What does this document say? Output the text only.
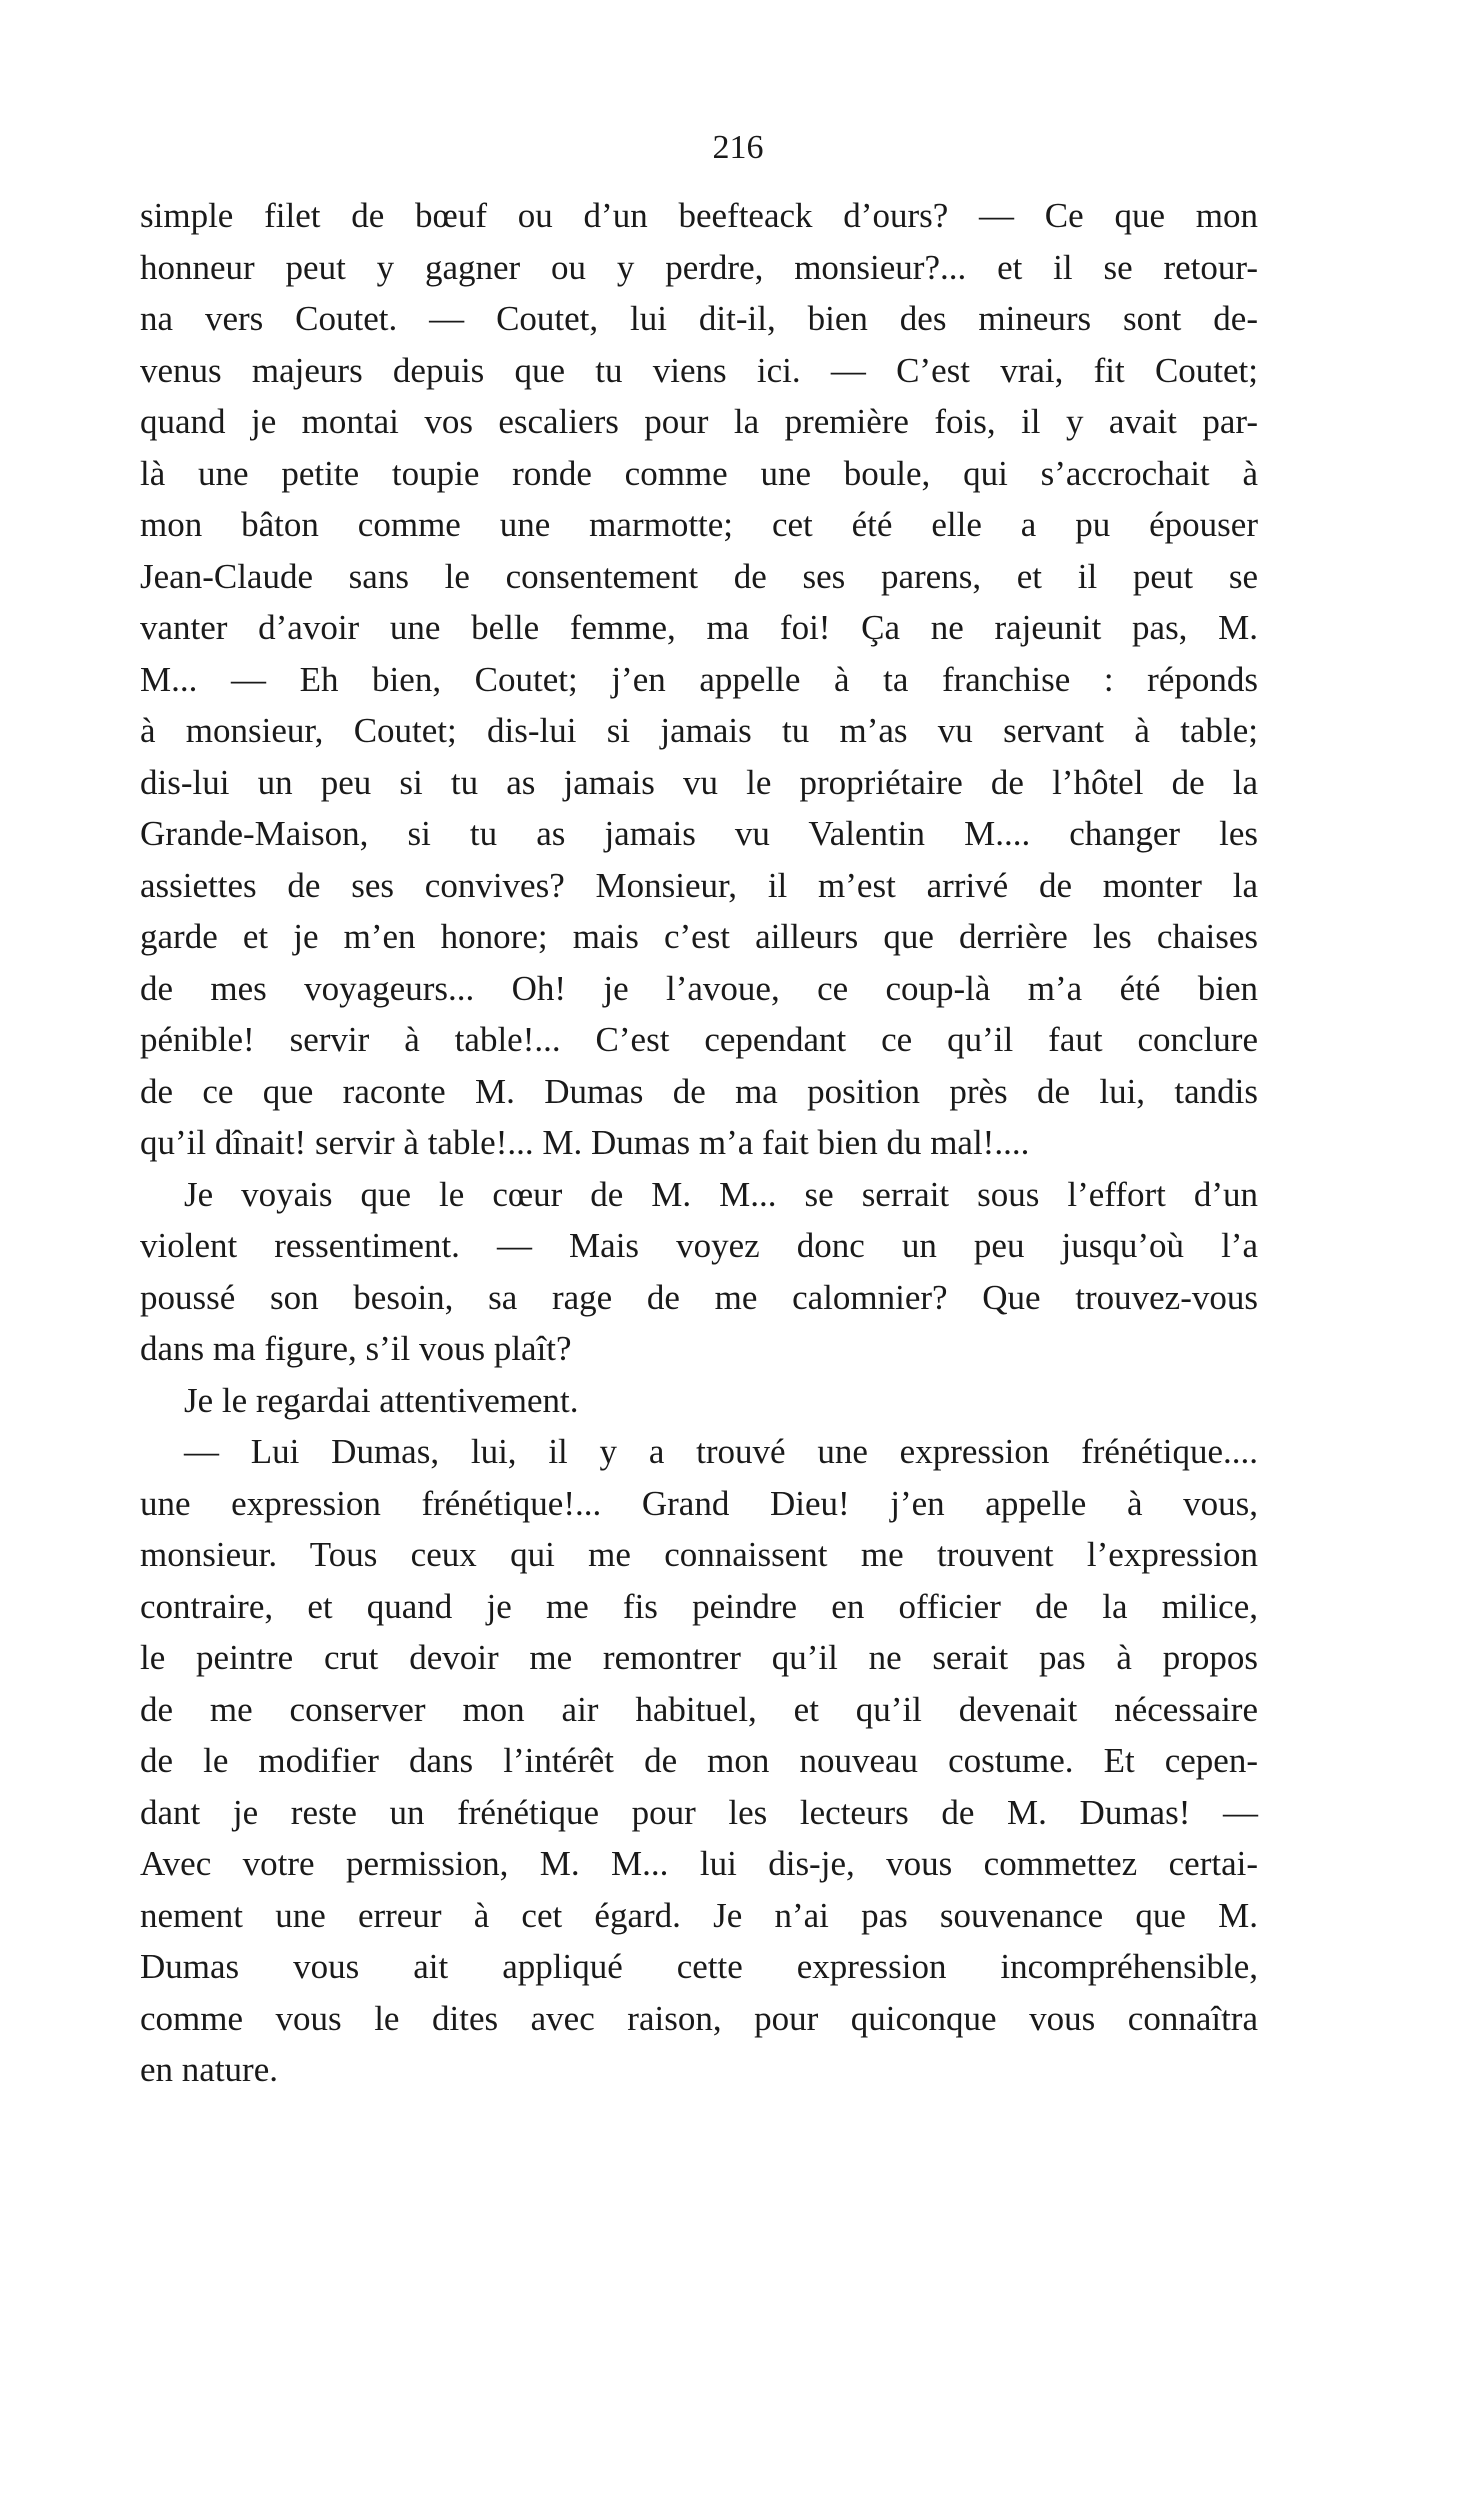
216
simple filet de bœuf ou d’un beefteack d’ours? — Ce que mon
honneur peut y gagner ou y perdre, monsieur?... et il se retour-
na vers Coutet. — Coutet, lui dit-il, bien des mineurs sont de-
venus majeurs depuis que tu viens ici. — C’est vrai, fit Coutet;
quand je montai vos escaliers pour la première fois, il y avait par-
là une petite toupie ronde comme une boule, qui s’accrochait à
mon bâton comme une marmotte; cet été elle a pu épouser
Jean-Claude sans le consentement de ses parens, et il peut se
vanter d’avoir une belle femme, ma foi! Ça ne rajeunit pas, M.
M... — Eh bien, Coutet; j’en appelle à ta franchise : réponds
à monsieur, Coutet; dis-lui si jamais tu m’as vu servant à table;
dis-lui un peu si tu as jamais vu le propriétaire de l’hôtel de la
Grande-Maison, si tu as jamais vu Valentin M.... changer les
assiettes de ses convives? Monsieur, il m’est arrivé de monter la
garde et je m’en honore; mais c’est ailleurs que derrière les chaises
de mes voyageurs... Oh! je l’avoue, ce coup-là m’a été bien
pénible! servir à table!... C’est cependant ce qu’il faut conclure
de ce que raconte M. Dumas de ma position près de lui, tandis
qu’il dînait! servir à table!... M. Dumas m’a fait bien du mal!....
Je voyais que le cœur de M. M... se serrait sous l’effort d’un
violent ressentiment. — Mais voyez donc un peu jusqu’où l’a
poussé son besoin, sa rage de me calomnier? Que trouvez-vous
dans ma figure, s’il vous plaît?
Je le regardai attentivement.
— Lui Dumas, lui, il y a trouvé une expression frénétique....
une expression frénétique!... Grand Dieu! j’en appelle à vous,
monsieur. Tous ceux qui me connaissent me trouvent l’expression
contraire, et quand je me fis peindre en officier de la milice,
le peintre crut devoir me remontrer qu’il ne serait pas à propos
de me conserver mon air habituel, et qu’il devenait nécessaire
de le modifier dans l’intérêt de mon nouveau costume. Et cepen-
dant je reste un frénétique pour les lecteurs de M. Dumas! —
Avec votre permission, M. M... lui dis-je, vous commettez certai-
nement une erreur à cet égard. Je n’ai pas souvenance que M.
Dumas vous ait appliqué cette expression incompréhensible,
comme vous le dites avec raison, pour quiconque vous connaîtra
en nature.
